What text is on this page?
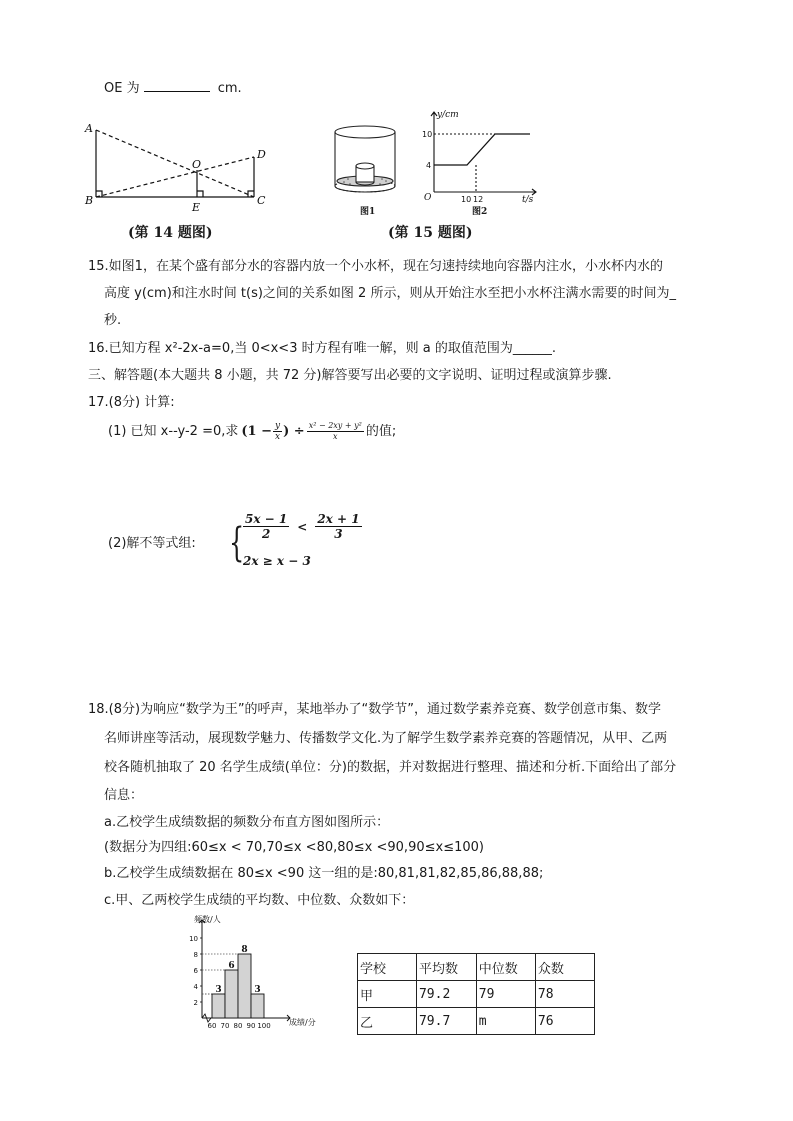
OE 为	cm.
A
B	C
D
E
O
(第 14 题图)
图1
10
4
10 12
y/cm
t/s
O
图2
(第 15 题图)
15.如图1，在某个盛有部分水的容器内放一个小水杯，现在匀速持续地向容器内注水，小水杯内水的
高度 y(cm)和注水时间 t(s)之间的关系如图 2 所示，则从开始注水至把小水杯注满水需要的时间为_
秒.
16.已知方程 x²-2x-a=0,当 0<x<3 时方程有唯一解，则 a 的取值范围为______.
三、解答题(本大题共 8 小题，共 72 分)解答要写出必要的文字说明、证明过程或演算步骤.
17.(8分) 计算:
(1) 已知 x--y-2 =0,求 ($1 - \frac{y}{x}$ ) ÷ $\frac{\text{x² − 2xy + y²}}{x}$ 的值;
(2)解不等式组: {
$\frac{5x - 1}{2} < \frac{2x + 1}{3}$
2x ≥ x − 3
18.(8分)为响应“数学为王”的呼声，某地举办了“数学节”，通过数学素养竞赛、数学创意市集、数学
名师讲座等活动，展现数学魅力、传播数学文化.为了解学生数学素养竞赛的答题情况，从甲、乙两
校各随机抽取了 20 名学生成绩(单位：分)的数据，并对数据进行整理、描述和分析.下面给出了部分
信息：
a.乙校学生成绩数据的频数分布直方图如图所示：
(数据分为四组:60≤x < 70,70≤x <80,80≤x <90,90≤x≤100)
b.乙校学生成绩数据在 80≤x <90 这一组的是:80,81,81,82,85,86,88,88;
c.甲、乙两校学生成绩的平均数、中位数、众数如下：
10
8
6
4
2
60 70 80 90 100
3
6
8
3
频数/人
成绩/分
学校	平均数	中位数	众数
甲	79.2	79	78
乙	79.7	m	76
